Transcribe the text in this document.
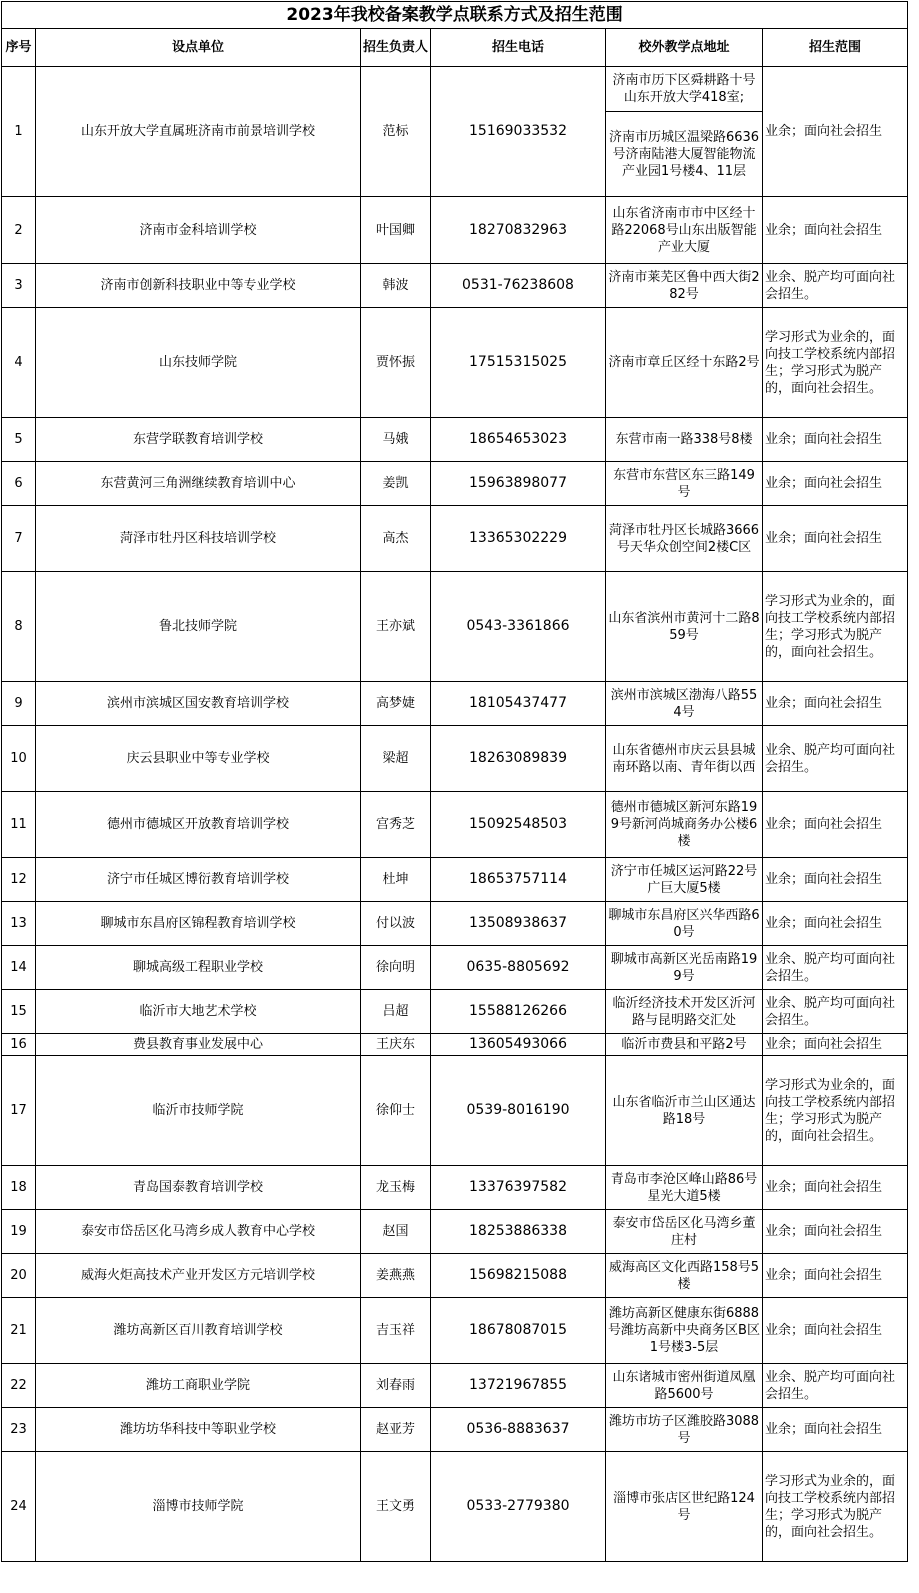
2023年我校备案教学点联系方式及招生范围					
序号	设点单位	招生负责人	招生电话	校外教学点地址	招生范围
1	山东开放大学直属班济南市前景培训学校	范标	15169033532	济南市历下区舜耕路十号山东开放大学418室;	业余；面向社会招生
				济南市历城区温梁路6636号济南陆港大厦智能物流产业园1号楼4、11层	
2	济南市金科培训学校	叶国卿	18270832963	山东省济南市市中区经十路22068号山东出版智能产业大厦	业余；面向社会招生
3	济南市创新科技职业中等专业学校	韩波	0531-76238608	济南市莱芜区鲁中西大街282号	业余、脱产均可面向社会招生。
4	山东技师学院	贾怀振	17515315025	济南市章丘区经十东路2号	学习形式为业余的，面向技工学校系统内部招生；学习形式为脱产的，面向社会招生。
5	东营学联教育培训学校	马娥	18654653023	东营市南一路338号8楼	业余；面向社会招生
6	东营黄河三角洲继续教育培训中心	姜凯	15963898077	东营市东营区东三路149号	业余；面向社会招生
7	菏泽市牡丹区科技培训学校	高杰	13365302229	菏泽市牡丹区长城路3666号天华众创空间2楼C区	业余；面向社会招生
8	鲁北技师学院	王亦斌	0543-3361866	山东省滨州市黄河十二路859号	学习形式为业余的，面向技工学校系统内部招生；学习形式为脱产的，面向社会招生。
9	滨州市滨城区国安教育培训学校	高梦婕	18105437477	滨州市滨城区渤海八路554号	业余；面向社会招生
10	庆云县职业中等专业学校	梁超	18263089839	山东省德州市庆云县县城南环路以南、青年街以西	业余、脱产均可面向社会招生。
11	德州市德城区开放教育培训学校	宫秀芝	15092548503	德州市德城区新河东路199号新河尚城商务办公楼6楼	业余；面向社会招生
12	济宁市任城区博衍教育培训学校	杜坤	18653757114	济宁市任城区运河路22号广巨大厦5楼	业余；面向社会招生
13	聊城市东昌府区锦程教育培训学校	付以波	13508938637	聊城市东昌府区兴华西路60号	业余；面向社会招生
14	聊城高级工程职业学校	徐向明	0635-8805692	聊城市高新区光岳南路199号	业余、脱产均可面向社会招生。
15	临沂市大地艺术学校	吕超	15588126266	临沂经济技术开发区沂河路与昆明路交汇处	业余、脱产均可面向社会招生。
16	费县教育事业发展中心	王庆东	13605493066	临沂市费县和平路2号	业余；面向社会招生
17	临沂市技师学院	徐仰士	0539-8016190	山东省临沂市兰山区通达路18号	学习形式为业余的，面向技工学校系统内部招生；学习形式为脱产的，面向社会招生。
18	青岛国泰教育培训学校	龙玉梅	13376397582	青岛市李沧区峰山路86号星光大道5楼	业余；面向社会招生
19	泰安市岱岳区化马湾乡成人教育中心学校	赵国	18253886338	泰安市岱岳区化马湾乡董庄村	业余；面向社会招生
20	威海火炬高技术产业开发区方元培训学校	姜燕燕	15698215088	威海高区文化西路158号5楼	业余；面向社会招生
21	潍坊高新区百川教育培训学校	吉玉祥	18678087015	潍坊高新区健康东街6888号潍坊高新中央商务区B区1号楼3-5层	业余；面向社会招生
22	潍坊工商职业学院	刘春雨	13721967855	山东诸城市密州街道凤凰路5600号	业余、脱产均可面向社会招生。
23	潍坊坊华科技中等职业学校	赵亚芳	0536-8883637	潍坊市坊子区潍胶路3088号	业余；面向社会招生
24	淄博市技师学院	王文勇	0533-2779380	淄博市张店区世纪路124号	学习形式为业余的，面向技工学校系统内部招生；学习形式为脱产的，面向社会招生。
